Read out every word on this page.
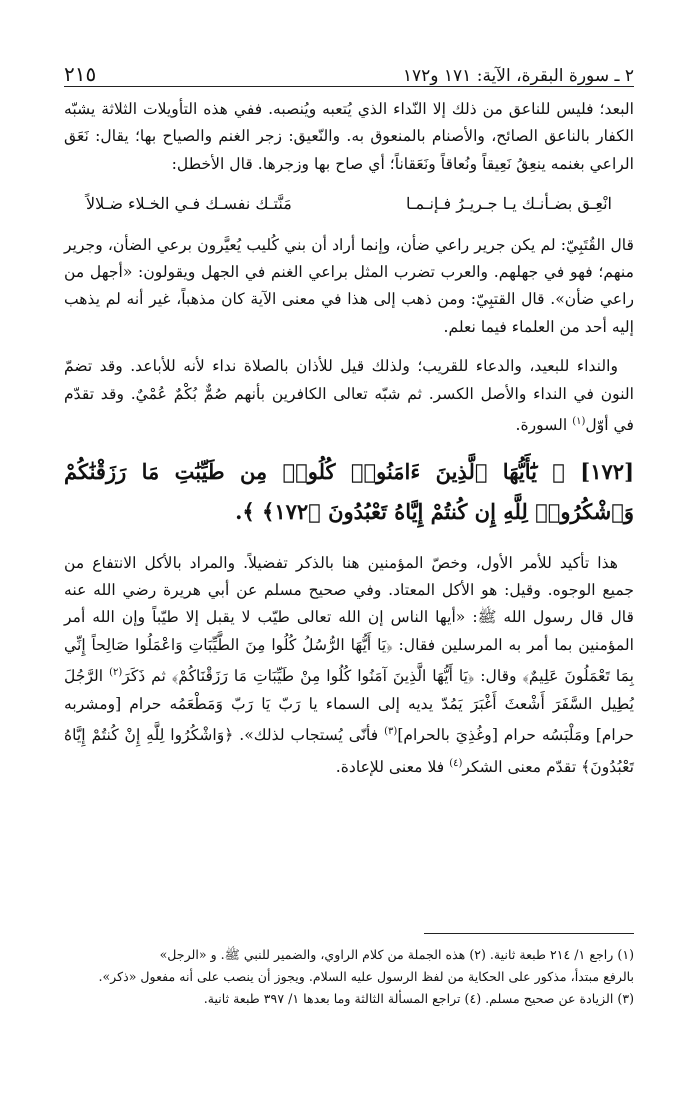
٢ ـ سورة البقرة، الآية: ١٧١ و١٧٢
٢١٥

البعد؛ فليس للناعق من ذلك إلا النّداء الذي يُتعبه ويُنصبه. ففي هذه التأويلات الثلاثة يشبّه الكفار بالناعق الصائح، والأصنام بالمنعوق به. والنّعيق: زجر الغنم والصياح بها؛ يقال: نَعَق الراعي بغنمه ينعِقُ نَعِيقاً ونُعاقاً ونَعَقاناً؛ أي صاح بها وزجرها. قال الأخطل:

انْعِـق بضـأنـك يـا جـريـرُ فـإنـمـا
مَنَّتـك نفسـك فـي الخـلاء ضـلالاً

قال القُتَبِيّ: لم يكن جرير راعي ضأن، وإنما أراد أن بني كُليب يُعيَّرون برعي الضأن، وجرير منهم؛ فهو في جهلهم. والعرب تضرب المثل براعي الغنم في الجهل ويقولون: «أجهل من راعي ضأن». قال القتبِيّ: ومن ذهب إلى هذا في معنى الآية كان مذهباً، غير أنه لم يذهب إليه أحد من العلماء فيما نعلم.

والنداء للبعيد، والدعاء للقريب؛ ولذلك قيل للأذان بالصلاة نداء لأنه للأباعد. وقد تضمّ النون في النداء والأصل الكسر. ثم شبّه تعالى الكافرين بأنهم صُمٌّ بُكْمٌ عُمْيٌ. وقد تقدّم في أوّل$^{(١)}$ السورة.

[١٧٢] ﴿ يَٰٓأَيُّهَا ٱلَّذِينَ ءَامَنُوا۟ كُلُوا۟ مِن طَيِّبَٰتِ مَا رَزَقْنَٰكُمْ وَٱشْكُرُوا۟ لِلَّهِ إِن كُنتُمْ إِيَّاهُ تَعْبُدُونَ ﴿١٧٢﴾ ﴾.

هذا تأكيد للأمر الأول، وخصّ المؤمنين هنا بالذكر تفضيلاً. والمراد بالأكل الانتفاع من جميع الوجوه. وقيل: هو الأكل المعتاد. وفي صحيح مسلم عن أبي هريرة رضي الله عنه قال قال رسول الله ﷺ: «أيها الناس إن الله تعالى طيّب لا يقبل إلا طيّباً وإن الله أمر المؤمنين بما أمر به المرسلين فقال: ﴿يَا أَيُّهَا الرُّسُلُ كُلُوا مِنَ الطَّيِّبَاتِ وَاعْمَلُوا صَالِحاً إِنِّي بِمَا تَعْمَلُونَ عَلِيمٌ﴾ وقال: ﴿يَا أَيُّهَا الَّذِينَ آمَنُوا كُلُوا مِنْ طَيِّبَاتِ مَا رَزَقْنَاكُمْ﴾ ثم ذَكَرَ$^{(٢)}$ الرَّجُلَ يُطِيل السَّفَرَ أَشْعثَ أَغْبَرَ يَمُدّ يديه إلى السماء يا رَبّ يَا رَبّ وَمَطْعَمُه حرام [ومشربه حرام] ومَلْبَسُه حرام [وغُذِيَ بالحرام]$^{(٣)}$ فأنّى يُستجاب لذلك». ﴿وَاشْكُرُوا لِلَّهِ إِنْ كُنتُمْ إِيَّاهُ تَعْبُدُونَ﴾ تقدّم معنى الشكر$^{(٤)}$ فلا معنى للإعادة.

(١) راجع ١/ ٢١٤ طبعة ثانية. (٢) هذه الجملة من كلام الراوي، والضمير للنبي ﷺ. و «الرجل»
بالرفع مبتدأ، مذكور على الحكاية من لفظ الرسول عليه السلام. ويجوز أن ينصب على أنه مفعول «ذكر».
(٣) الزيادة عن صحيح مسلم. (٤) تراجع المسألة الثالثة وما بعدها ١/ ٣٩٧ طبعة ثانية.
